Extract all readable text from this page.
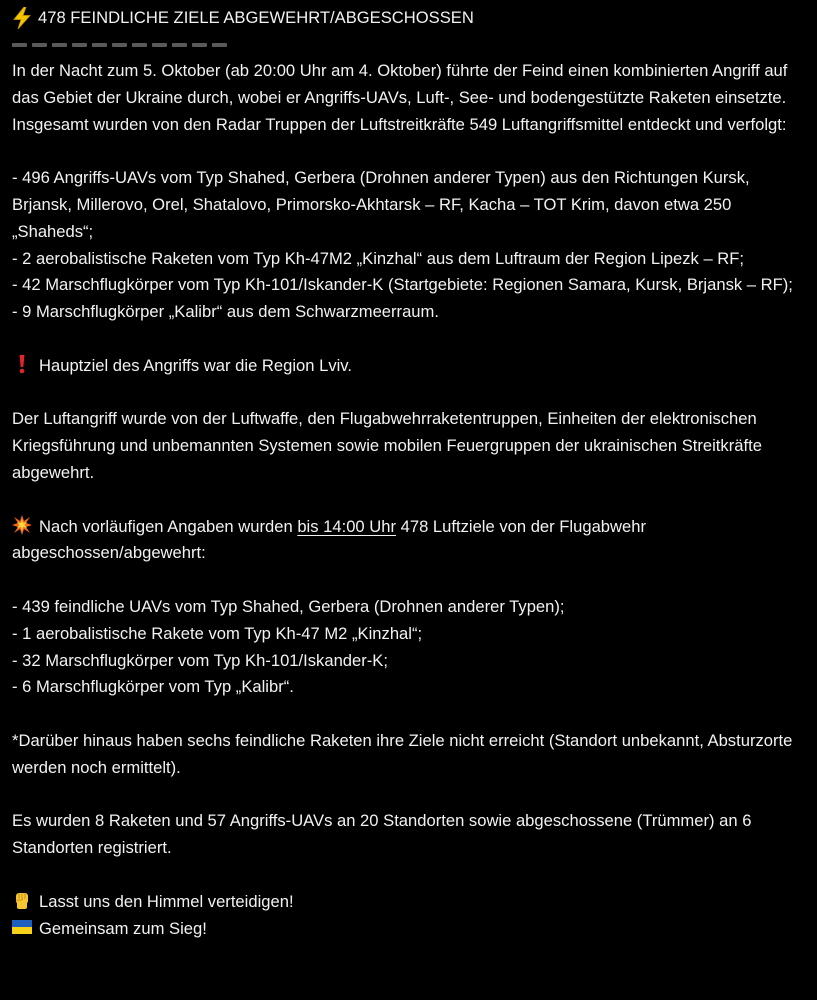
478 FEINDLICHE ZIELE ABGEWEHRT/ABGESCHOSSEN

In der Nacht zum 5. Oktober (ab 20:00 Uhr am 4. Oktober) führte der Feind einen kombinierten Angriff auf das Gebiet der Ukraine durch, wobei er Angriffs-UAVs, Luft-, See- und bodengestützte Raketen einsetzte. Insgesamt wurden von den Radar Truppen der Luftstreitkräfte 549 Luftangriffsmittel entdeckt und verfolgt:

- 496 Angriffs-UAVs vom Typ Shahed, Gerbera (Drohnen anderer Typen) aus den Richtungen Kursk, Brjansk, Millerovo, Orel, Shatalovo, Primorsko-Akhtarsk – RF, Kacha – TOT Krim, davon etwa 250 „Shaheds“;

- 2 aerobalistische Raketen vom Typ Kh-47M2 „Kinzhal“ aus dem Luftraum der Region Lipezk – RF;

- 42 Marschflugkörper vom Typ Kh-101/Iskander-K (Startgebiete: Regionen Samara, Kursk, Brjansk – RF);

- 9 Marschflugkörper „Kalibr“ aus dem Schwarzmeerraum.

Hauptziel des Angriffs war die Region Lviv.

Der Luftangriff wurde von der Luftwaffe, den Flugabwehrraketentruppen, Einheiten der elektronischen Kriegsführung und unbemannten Systemen sowie mobilen Feuergruppen der ukrainischen Streitkräfte abgewehrt.

Nach vorläufigen Angaben wurden bis 14:00 Uhr 478 Luftziele von der Flugabwehr abgeschossen/abgewehrt:

- 439 feindliche UAVs vom Typ Shahed, Gerbera (Drohnen anderer Typen);

- 1 aerobalistische Rakete vom Typ Kh-47 M2 „Kinzhal“;

- 32 Marschflugkörper vom Typ Kh-101/Iskander-K;

- 6 Marschflugkörper vom Typ „Kalibr“.

*Darüber hinaus haben sechs feindliche Raketen ihre Ziele nicht erreicht (Standort unbekannt, Absturzorte werden noch ermittelt).

Es wurden 8 Raketen und 57 Angriffs-UAVs an 20 Standorten sowie abgeschossene (Trümmer) an 6 Standorten registriert.

Lasst uns den Himmel verteidigen!

Gemeinsam zum Sieg!
